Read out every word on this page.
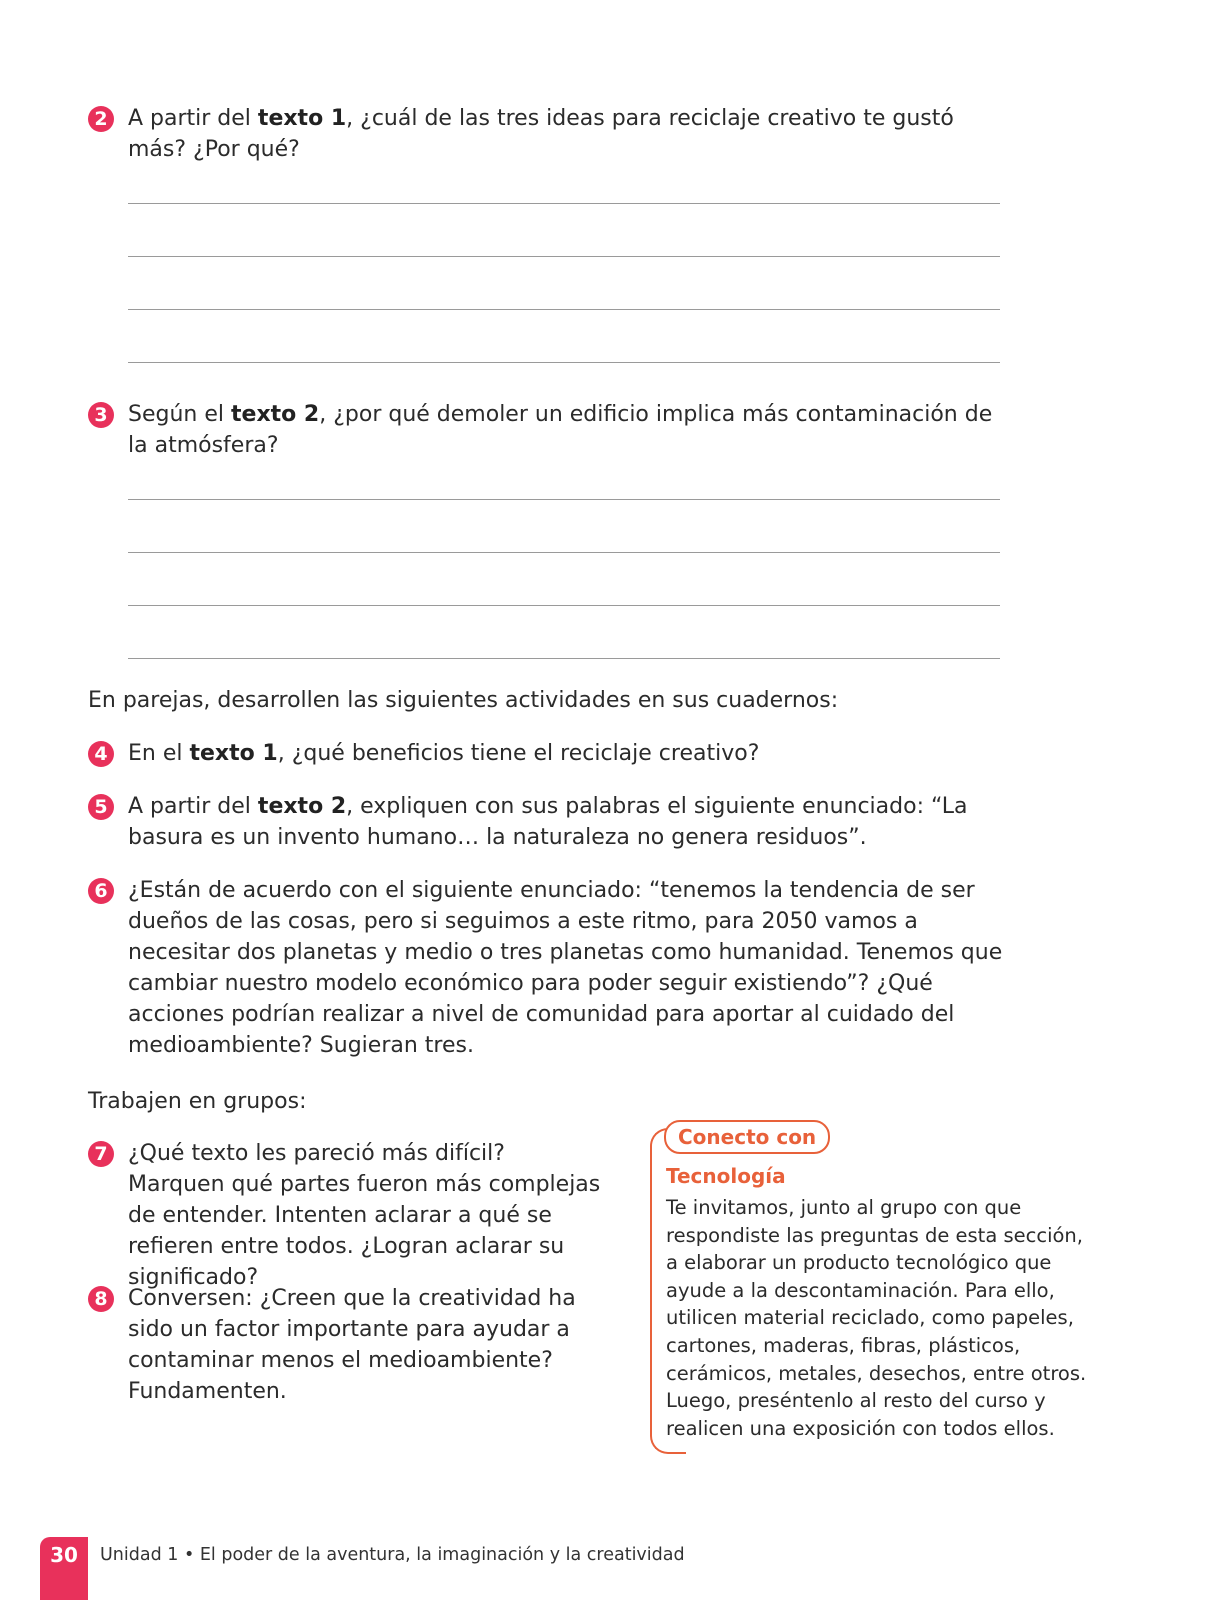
2 A partir del texto 1, ¿cuál de las tres ideas para reciclaje creativo te gustó más? ¿Por qué?
3 Según el texto 2, ¿por qué demoler un edificio implica más contaminación de la atmósfera?
En parejas, desarrollen las siguientes actividades en sus cuadernos:
4 En el texto 1, ¿qué beneficios tiene el reciclaje creativo?
5 A partir del texto 2, expliquen con sus palabras el siguiente enunciado: “La basura es un invento humano… la naturaleza no genera residuos”.
6 ¿Están de acuerdo con el siguiente enunciado: “tenemos la tendencia de ser dueños de las cosas, pero si seguimos a este ritmo, para 2050 vamos a necesitar dos planetas y medio o tres planetas como humanidad. Tenemos que cambiar nuestro modelo económico para poder seguir existiendo”? ¿Qué acciones podrían realizar a nivel de comunidad para aportar al cuidado del medioambiente? Sugieran tres.
Trabajen en grupos:
7 ¿Qué texto les pareció más difícil? Marquen qué partes fueron más complejas de entender. Intenten aclarar a qué se refieren entre todos. ¿Logran aclarar su significado?
8 Conversen: ¿Creen que la creatividad ha sido un factor importante para ayudar a contaminar menos el medioambiente? Fundamenten.
Conecto con
Tecnología
Te invitamos, junto al grupo con que respondiste las preguntas de esta sección, a elaborar un producto tecnológico que ayude a la descontaminación. Para ello, utilicen material reciclado, como papeles, cartones, maderas, fibras, plásticos, cerámicos, metales, desechos, entre otros. Luego, preséntenlo al resto del curso y realicen una exposición con todos ellos.
30	Unidad 1 • El poder de la aventura, la imaginación y la creatividad
